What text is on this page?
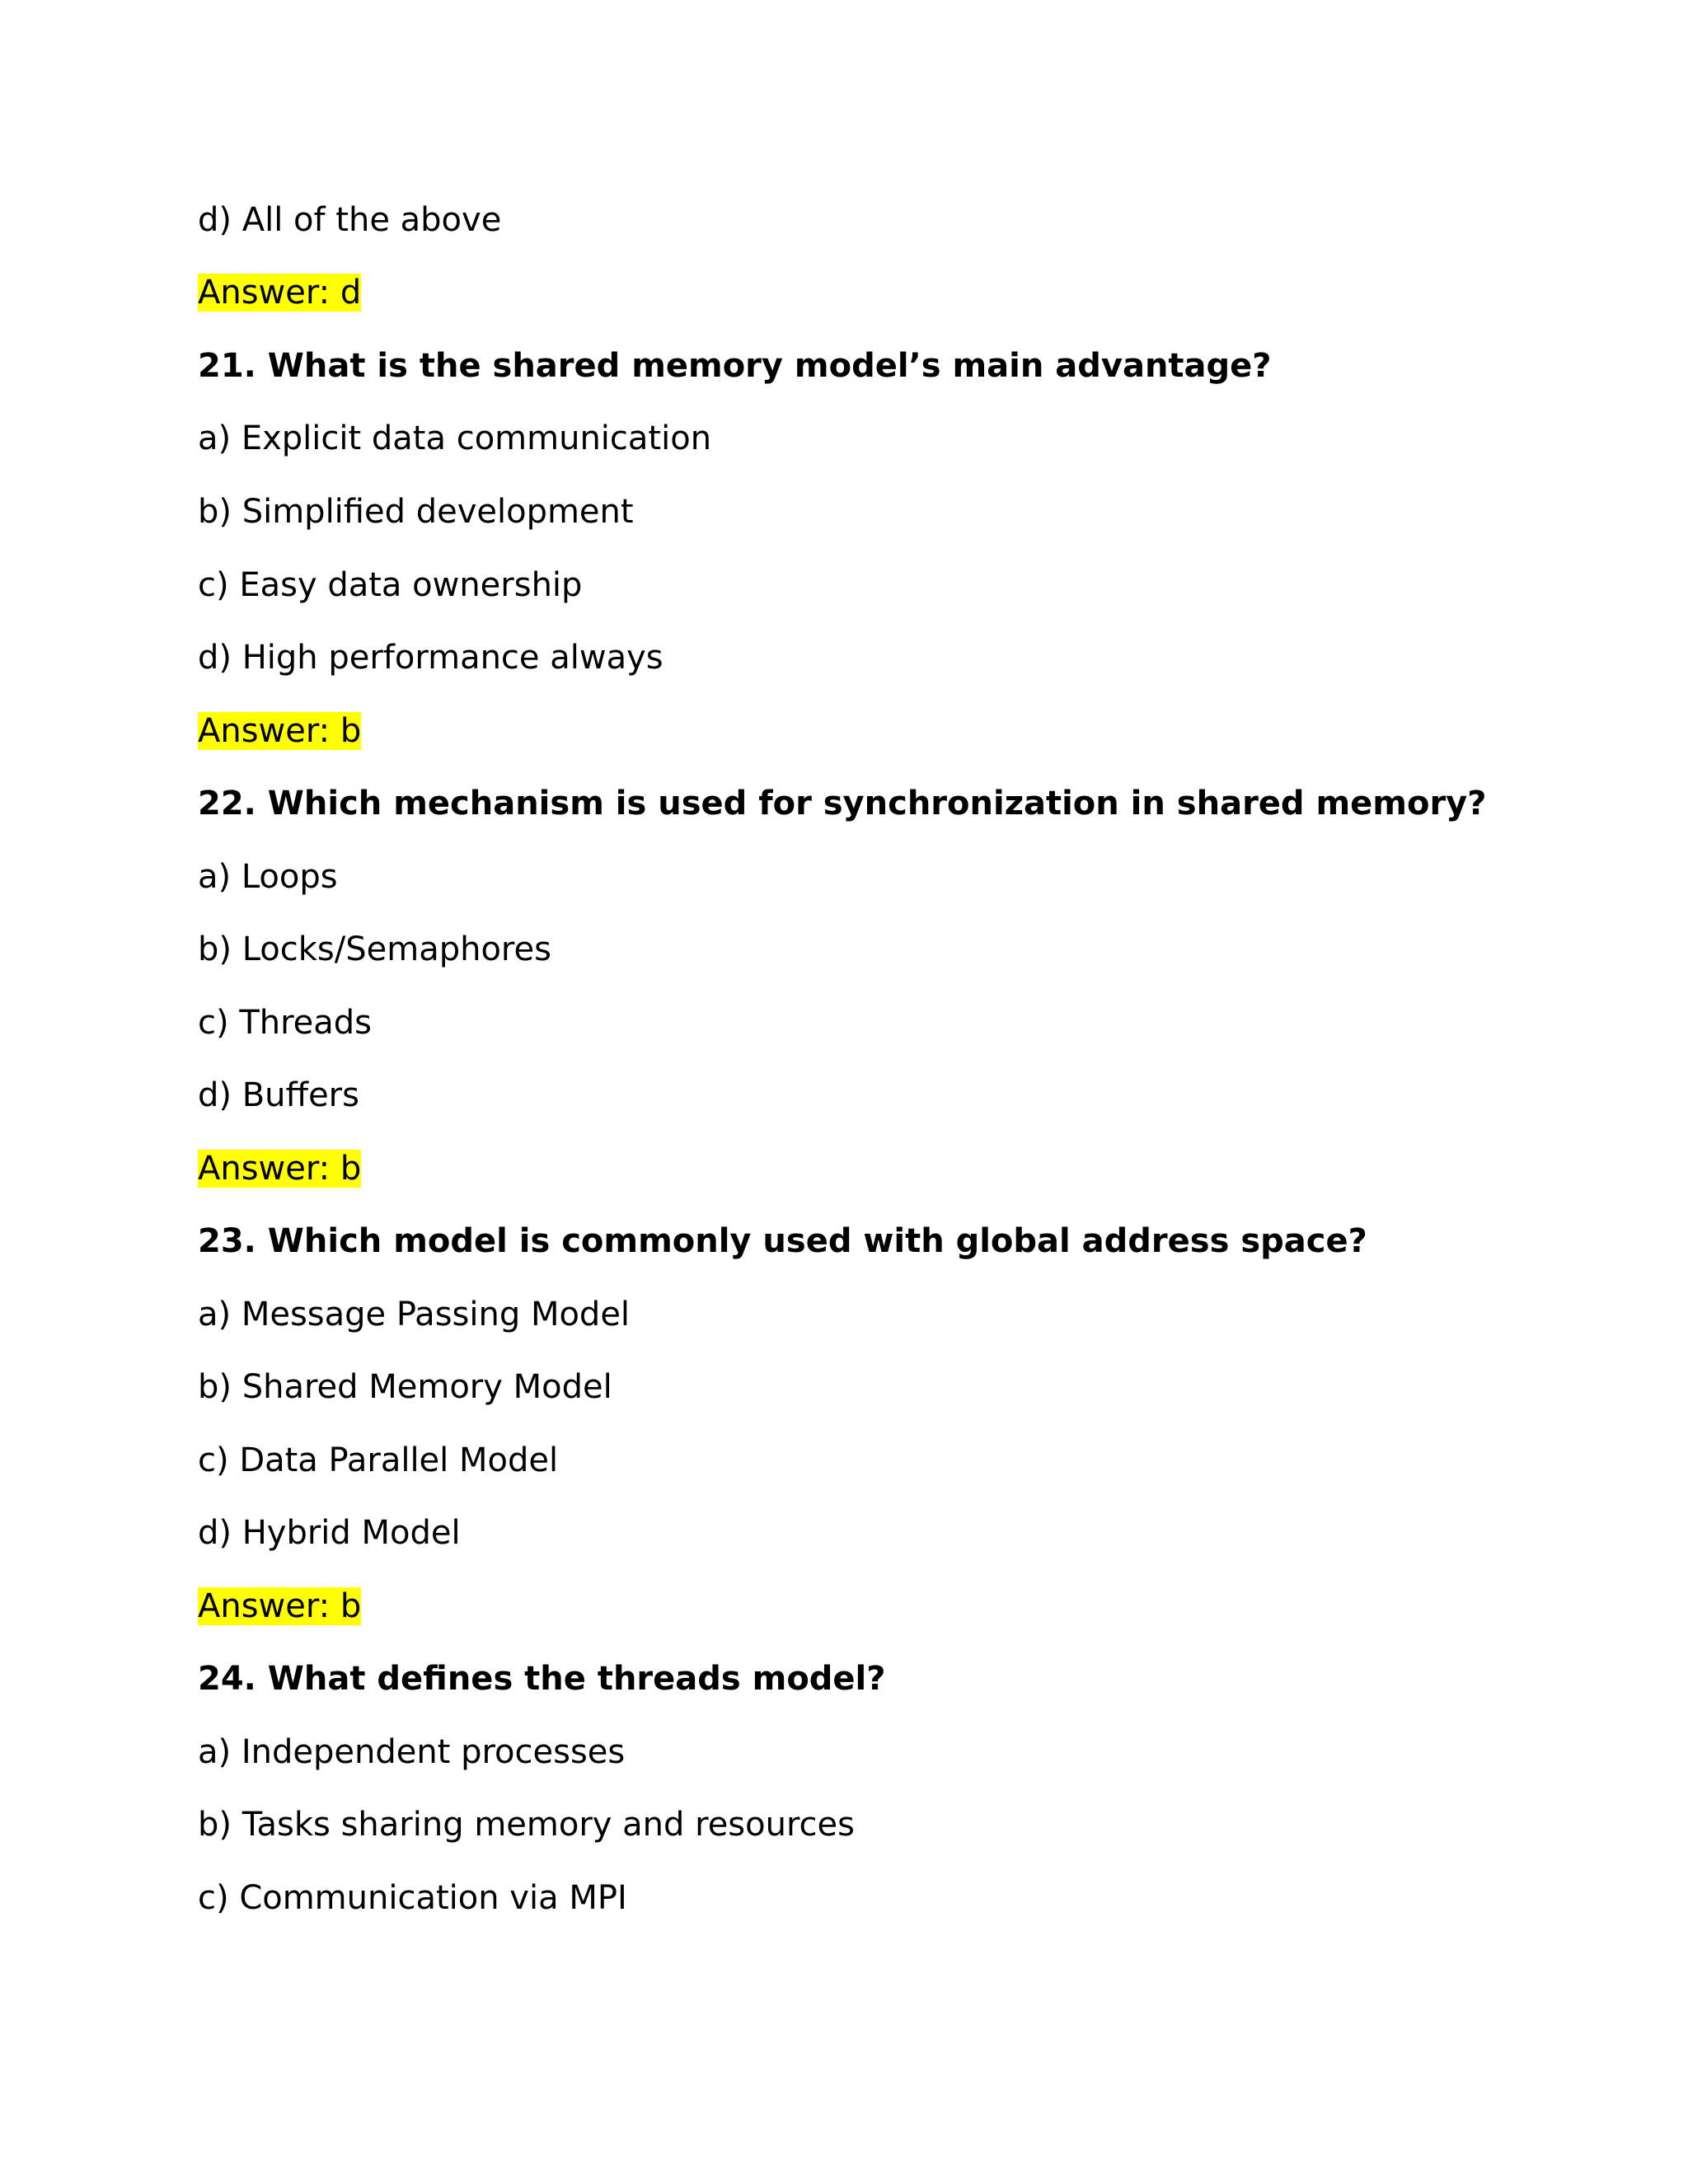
d) All of the above
Answer: d
21. What is the shared memory model’s main advantage?
a) Explicit data communication
b) Simplified development
c) Easy data ownership
d) High performance always
Answer: b
22. Which mechanism is used for synchronization in shared memory?
a) Loops
b) Locks/Semaphores
c) Threads
d) Buffers
Answer: b
23. Which model is commonly used with global address space?
a) Message Passing Model
b) Shared Memory Model
c) Data Parallel Model
d) Hybrid Model
Answer: b
24. What defines the threads model?
a) Independent processes
b) Tasks sharing memory and resources
c) Communication via MPI
